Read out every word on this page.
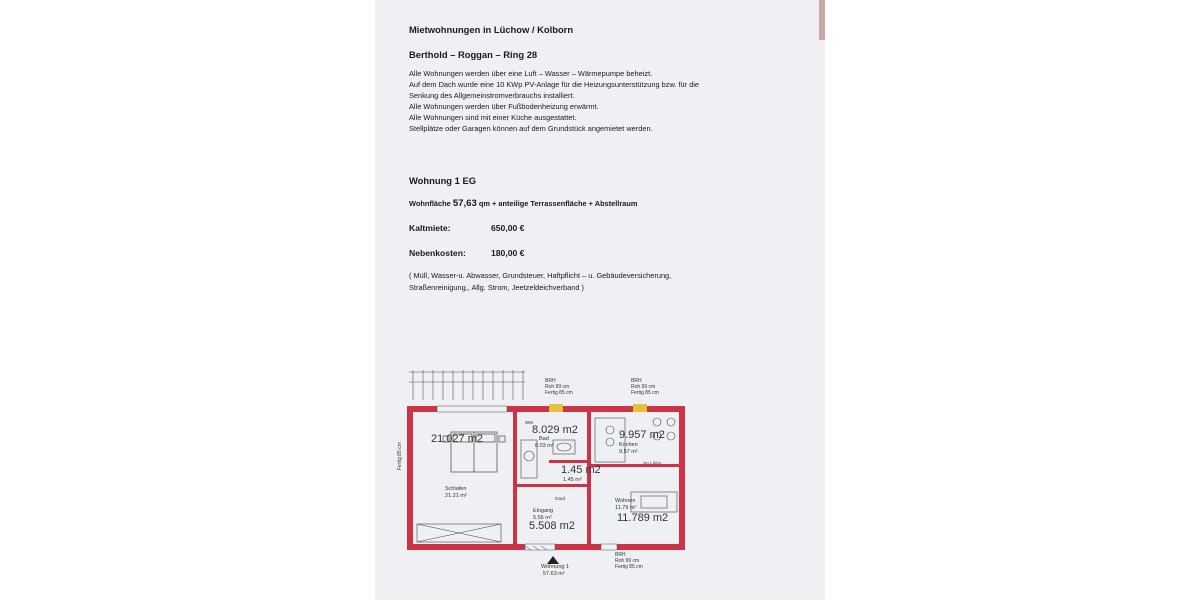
Mietwohnungen in Lüchow / Kolborn
Berthold – Roggan – Ring 28
Alle Wohnungen werden über eine Luft – Wasser – Wärmepumpe beheizt.
Auf dem Dach wurde eine 10 KWp PV-Anlage für die Heizungsunterstützung bzw. für die
Senkung des Allgemeinstromverbrauchs installiert.
Alle Wohnungen werden über Fußbodenheizung erwärmt.
Alle Wohnungen sind mit einer Küche ausgestattet.
Stellplätze oder Garagen können auf dem Grundstück angemietet werden.
Wohnung 1 EG
Wohnfläche 57,63 qm + anteilige Terrassenfläche + Abstellraum
Kaltmiete:	650,00 €
Nebenkosten:	180,00 €
( Müll, Wasser-u. Abwasser, Grundsteuer, Haftpflicht – u. Gebäudeversicherung,
Straßenreinigung,, Allg. Strom, Jeetzeldeichverband )
Fertig 85 cm
BRH
Roh 99 cm
Fertig 85 cm
BRH
Roh 99 cm
Fertig 85 cm
21.027 m2
Schlafen
21.21 m²
8.029 m2
Bad
8.03 m²
WM
1.45 m2
1.45 m²
9.957 m2
Kochen
9.57 m²
1m 1.50m
Gard
Eingang
5.56 m²
5.508 m2
Wohnen
11.79 m²
11.789 m2
Wohnung 1
57.63 m²
BRH
Roh 99 cm
Fertig 85 cm
